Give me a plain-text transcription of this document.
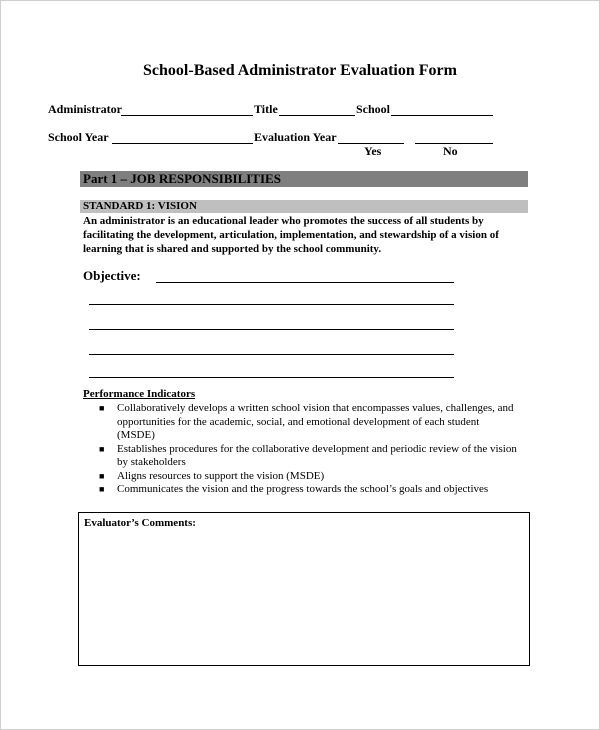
School-Based Administrator Evaluation Form
Administrator	Title	School
School Year	Evaluation Year
Yes	No
Part 1 – JOB RESPONSIBILITIES
STANDARD 1: VISION
An administrator is an educational leader who promotes the success of all students by facilitating the development, articulation, implementation, and stewardship of a vision of learning that is shared and supported by the school community.
Objective:
Performance Indicators
■ Collaboratively develops a written school vision that encompasses values, challenges, and opportunities for the academic, social, and emotional development of each student (MSDE)
■ Establishes procedures for the collaborative development and periodic review of the vision by stakeholders
■ Aligns resources to support the vision (MSDE)
■ Communicates the vision and the progress towards the school’s goals and objectives
Evaluator’s Comments:
